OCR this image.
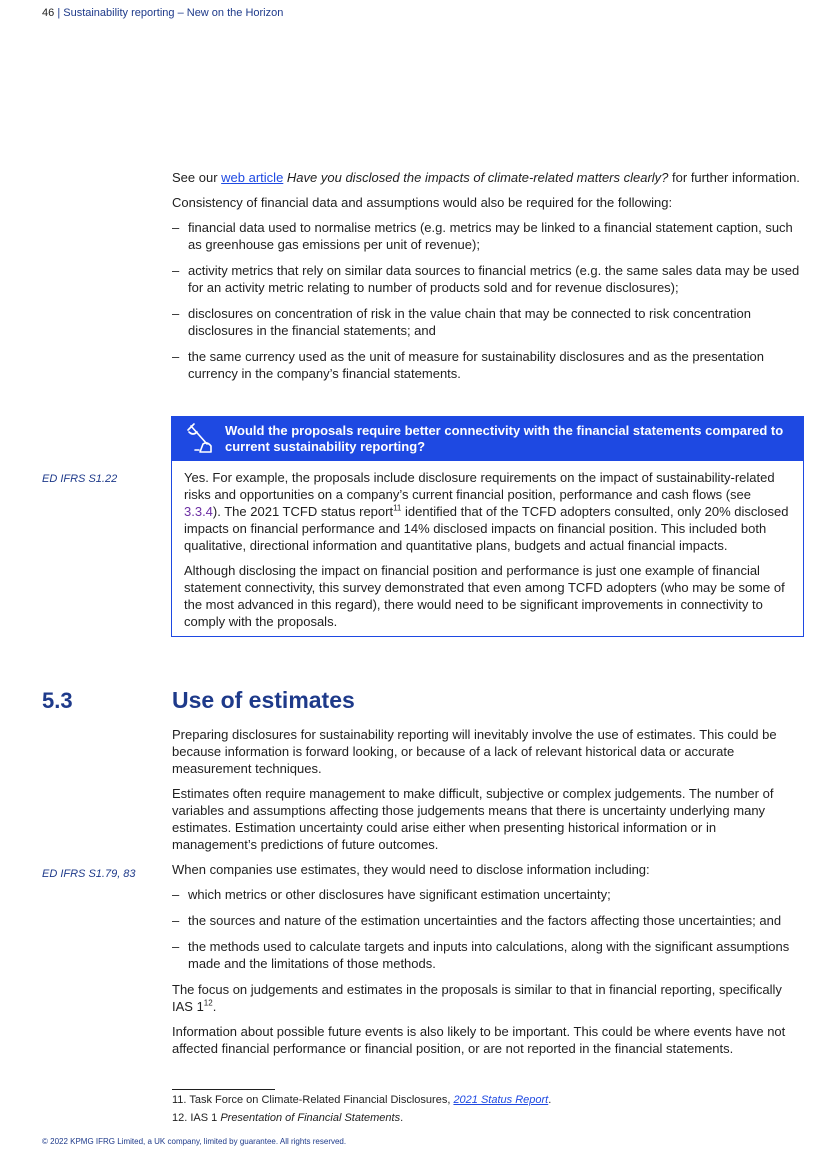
46 | Sustainability reporting – New on the Horizon

See our web article Have you disclosed the impacts of climate-related matters clearly? for further information.

Consistency of financial data and assumptions would also be required for the following:

– financial data used to normalise metrics (e.g. metrics may be linked to a financial statement caption, such as greenhouse gas emissions per unit of revenue);
– activity metrics that rely on similar data sources to financial metrics (e.g. the same sales data may be used for an activity metric relating to number of products sold and for revenue disclosures);
– disclosures on concentration of risk in the value chain that may be connected to risk concentration disclosures in the financial statements; and
– the same currency used as the unit of measure for sustainability disclosures and as the presentation currency in the company’s financial statements.
ED IFRS S1.22
Would the proposals require better connectivity with the financial statements compared to current sustainability reporting?

Yes. For example, the proposals include disclosure requirements on the impact of sustainability-related risks and opportunities on a company’s current financial position, performance and cash flows (see 3.3.4). The 2021 TCFD status report$^{11}$ identified that of the TCFD adopters consulted, only 20% disclosed impacts on financial performance and 14% disclosed impacts on financial position. This included both qualitative, directional information and quantitative plans, budgets and actual financial impacts.

Although disclosing the impact on financial position and performance is just one example of financial statement connectivity, this survey demonstrated that even among TCFD adopters (who may be some of the most advanced in this regard), there would need to be significant improvements in connectivity to comply with the proposals.

5.3	Use of estimates

Preparing disclosures for sustainability reporting will inevitably involve the use of estimates. This could be because information is forward looking, or because of a lack of relevant historical data or accurate measurement techniques.

Estimates often require management to make difficult, subjective or complex judgements. The number of variables and assumptions affecting those judgements means that there is uncertainty underlying many estimates. Estimation uncertainty could arise either when presenting historical information or in management’s predictions of future outcomes.

When companies use estimates, they would need to disclose information including:

– which metrics or other disclosures have significant estimation uncertainty;
– the sources and nature of the estimation uncertainties and the factors affecting those uncertainties; and
– the methods used to calculate targets and inputs into calculations, along with the significant assumptions made and the limitations of those methods.

The focus on judgements and estimates in the proposals is similar to that in financial reporting, specifically IAS $1^{12}$.

Information about possible future events is also likely to be important. This could be where events have not affected financial performance or financial position, or are not reported in the financial statements.

ED IFRS S1.79, 83
11. Task Force on Climate-Related Financial Disclosures, 2021 Status Report.
12. IAS 1 Presentation of Financial Statements.
© 2022 KPMG IFRG Limited, a UK company, limited by guarantee. All rights reserved.
